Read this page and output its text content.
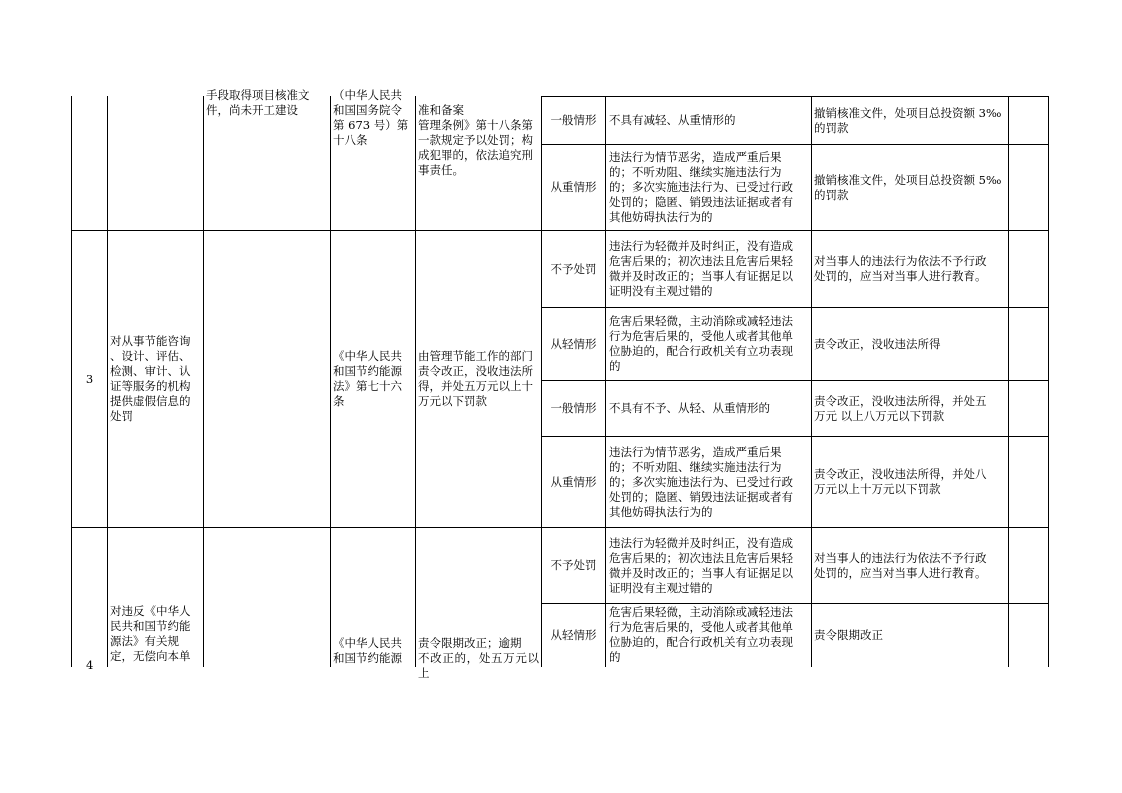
手段取得项目核准文
件，尚未开工建设
（中华人民共
和国国务院令
第 673 号）第
十八条
准和备案
管理条例》第十八条第
一款规定予以处罚；构
成犯罪的，依法追究刑
事责任。
一般情形	不具有减轻、从重情形的
撤销核准文件，处项目总投资额 3‰
的罚款
从重情形
违法行为情节恶劣，造成严重后果
的；不听劝阻、继续实施违法行为
的；多次实施违法行为、已受过行政
处罚的；隐匿、销毁违法证据或者有
其他妨碍执法行为的
撤销核准文件，处项目总投资额 5‰
的罚款
3
对从事节能咨询
、设计、评估、
检测、审计、认
证等服务的机构
提供虚假信息的
处罚
《中华人民共
和国节约能源
法》第七十六
条
由管理节能工作的部门
责令改正，没收违法所
得，并处五万元以上十
万元以下罚款
不予处罚
违法行为轻微并及时纠正，没有造成
危害后果的；初次违法且危害后果轻
微并及时改正的；当事人有证据足以
证明没有主观过错的
对当事人的违法行为依法不予行政
处罚的，应当对当事人进行教育。
从轻情形
危害后果轻微，主动消除或减轻违法
行为危害后果的，受他人或者其他单
位胁迫的，配合行政机关有立功表现
的
责令改正，没收违法所得
一般情形	不具有不予、从轻、从重情形的
责令改正，没收违法所得，并处五
万元 以上八万元以下罚款
从重情形
违法行为情节恶劣，造成严重后果
的；不听劝阻、继续实施违法行为
的；多次实施违法行为、已受过行政
处罚的；隐匿、销毁违法证据或者有
其他妨碍执法行为的
责令改正，没收违法所得，并处八
万元以上十万元以下罚款
4
对违反《中华人
民共和国节约能
源法》有关规
定，无偿向本单
《中华人民共
和国节约能源
责令限期改正；逾期
不改正的，处五万元以上
不予处罚
违法行为轻微并及时纠正，没有造成
危害后果的；初次违法且危害后果轻
微并及时改正的；当事人有证据足以
证明没有主观过错的
对当事人的违法行为依法不予行政
处罚的，应当对当事人进行教育。
从轻情形
危害后果轻微，主动消除或减轻违法
行为危害后果的，受他人或者其他单
位胁迫的，配合行政机关有立功表现
的
责令限期改正
